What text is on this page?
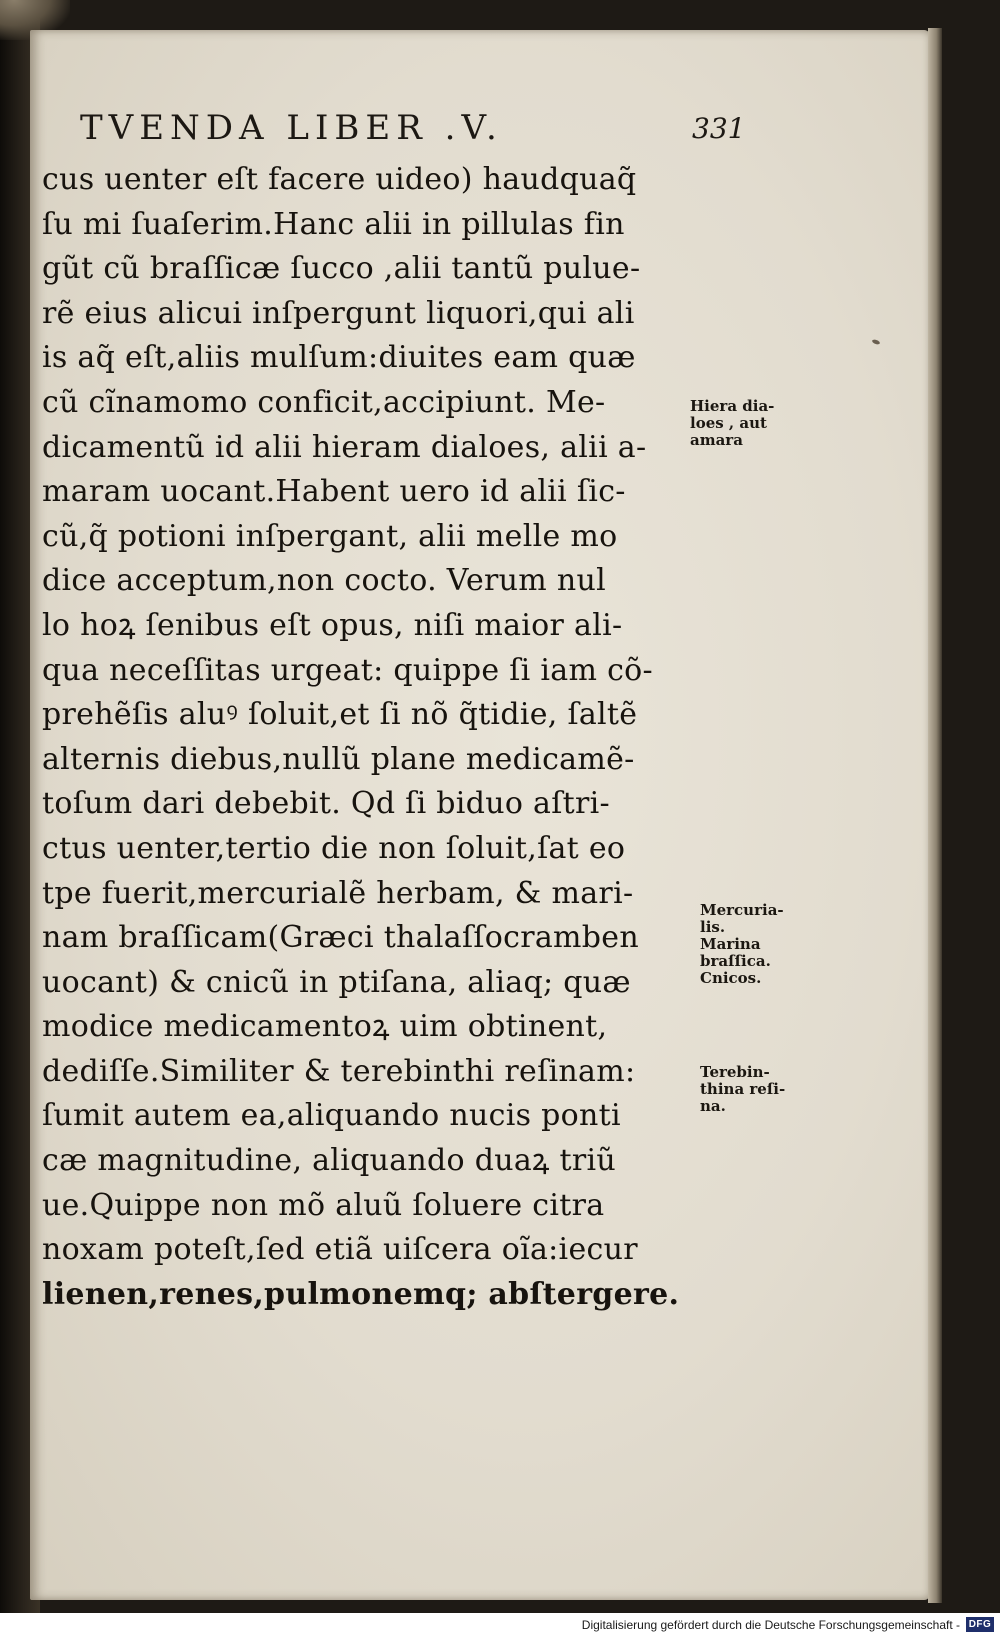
TVENDA LIBER .V.	331
cus uenter eſt facere uideo) haudquaq̃
ſu mi ſuaſerim.Hanc alii in pillulas fin
gũt cũ braſſicæ ſucco ,alii tantũ pulue-
rẽ eius alicui inſpergunt liquori,qui ali
is aq̃ eſt,aliis mulſum:diuites eam quæ
cũ cĩnamomo conficit,accipiunt. Me-
dicamentũ id alii hieram dialoes, alii a-
maram uocant.Habent uero id alii ſic-
cũ,q̃ potioni inſpergant, alii melle mo
dice acceptum,non cocto. Verum nul
lo hoꝝ ſenibus eſt opus, niſi maior ali-
qua neceſſitas urgeat: quippe ſi iam cõ-
prehẽſis aluꝰ ſoluit,et ſi nõ q̃tidie, ſaltẽ
alternis diebus,nullũ plane medicamẽ-
toſum dari debebit. Qd ſi biduo aſtri-
ctus uenter,tertio die non ſoluit,ſat eo
tpe fuerit,mercurialẽ herbam, & mari-
nam braſſicam(Græci thalaſſocramben
uocant) & cnicũ in ptiſana, aliaq; quæ
modice medicamentoꝝ uim obtinent,
dediſſe.Similiter & terebinthi reſinam:
ſumit autem ea,aliquando nucis ponti
cæ magnitudine, aliquando duaꝝ triũ
ue.Quippe non mõ aluũ ſoluere citra
noxam poteſt,ſed etiã uiſcera oĩa:iecur
lienen,renes,pulmonemq; abſtergere.
Hiera dia-
loes , aut
amara
Mercuria-
lis.
Marina
braſſica.
Cnicos.
Terebin-
thina reſi-
na.
Digitalisierung gefördert durch die Deutsche Forschungsgemeinschaft - DFG
